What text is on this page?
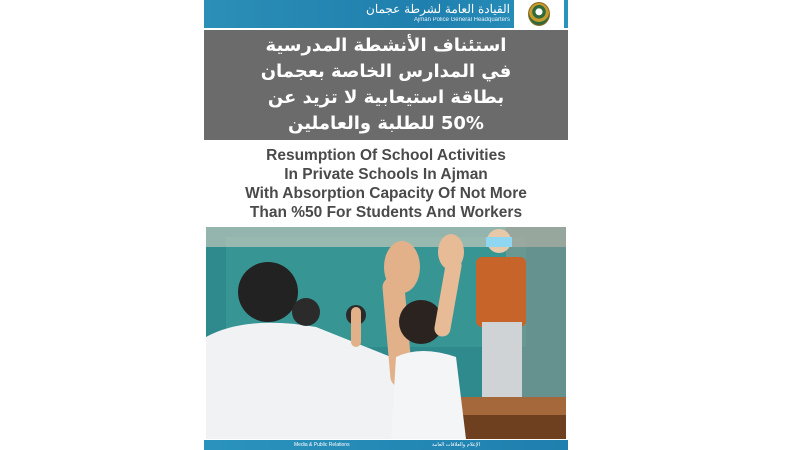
القيادة العامة لشرطة عجمان
Ajman Police General Headquarters
استئناف الأنشطة المدرسية
في المدارس الخاصة بعجمان
بطاقة استيعابية لا تزيد عن
50% للطلبة والعاملين
Resumption Of School Activities
In Private Schools In Ajman
With Absorption Capacity Of Not More
Than %50 For Students And Workers
Media & Public Relations	الإعلام والعلاقات العامة
